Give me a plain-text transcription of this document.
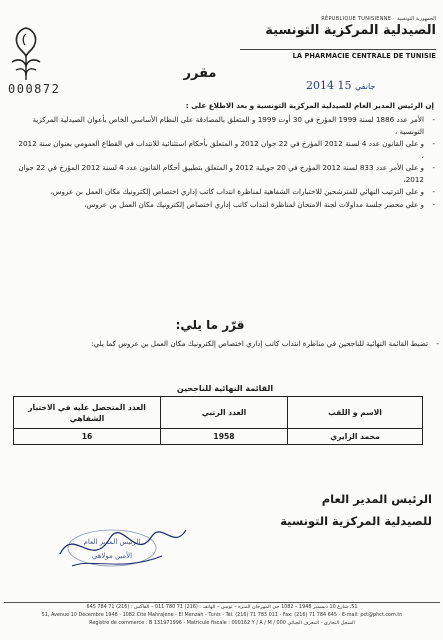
RÉPUBLIQUE TUNISIENNE · الجمهورية التونسية
الصيدلية المركزية التونسية
LA PHARMACIE CENTRALE DE TUNISIE
مقرر
000872	2014	جانفي 15
إن الرئيس المدير العام للصيدلية المركزية التونسية و بعد الاطلاع على :
- الأمر عدد 1886 لسنة 1999 المؤرخ في 30 أوت 1999 و المتعلق بالمصادقة على النظام الأساسي الخاص بأعوان الصيدلية المركزية التونسية ،
- و على القانون عدد 4 لسنة 2012 المؤرخ في 22 جوان 2012 و المتعلق بأحكام استثنائية للانتداب في القطاع العمومي بعنوان سنة 2012 ،
- و على الأمر عدد 833 لسنة 2012 المؤرخ في 20 جويلية 2012 و المتعلق بتطبيق أحكام القانون عدد 4 لسنة 2012 المؤرخ في 22 جوان 2012،
- و على الترتيب النهائي للمترشحين للاختبارات الشفاهية لمناظرة انتداب كاتب إداري اختصاص إلكترونيك مكان العمل بن عروس،
- و على محضر جلسة مداولات لجنة الامتحان لمناظرة انتداب كاتب إداري اختصاص إلكترونيك مكان العمل بن عروس،
قرّر ما يلي:
- تضبط القائمة النهائية للناجحين في مناظرة انتداب كاتب إداري اختصاص إلكترونيك مكان العمل بن عروس كما يلي:
القائمة النهائية للناجحين
الاسم و اللقب	العدد الرتبي	العدد المتحصل عليه في الاختبار الشفاهي
محمد الزايري	1958	16
الرئيس المدير العام
للصيدلية المركزية التونسية
الرئيس المدير العام
الأمين مولاهي
51، شارع 10 ديسمبر 1948 – 1082 حي المهرجان المنزه – تونس – الهاتف : (216) 71 780 011 – الفاكس : (216) 71 784 645
51, Avenue 10 Décembre 1948 - 1082 Cité Mahrajène - El Menzah - Tunis - Tél. (216) 71 783 011 - Fax: (216) 71 784 645 - E-mail: pct@phct.com.tn
Registre de commerce : B 131971996 - Matricule fiscale : 000162 Y / A / M / 000 السجل التجاري - المعرف الجبائي
